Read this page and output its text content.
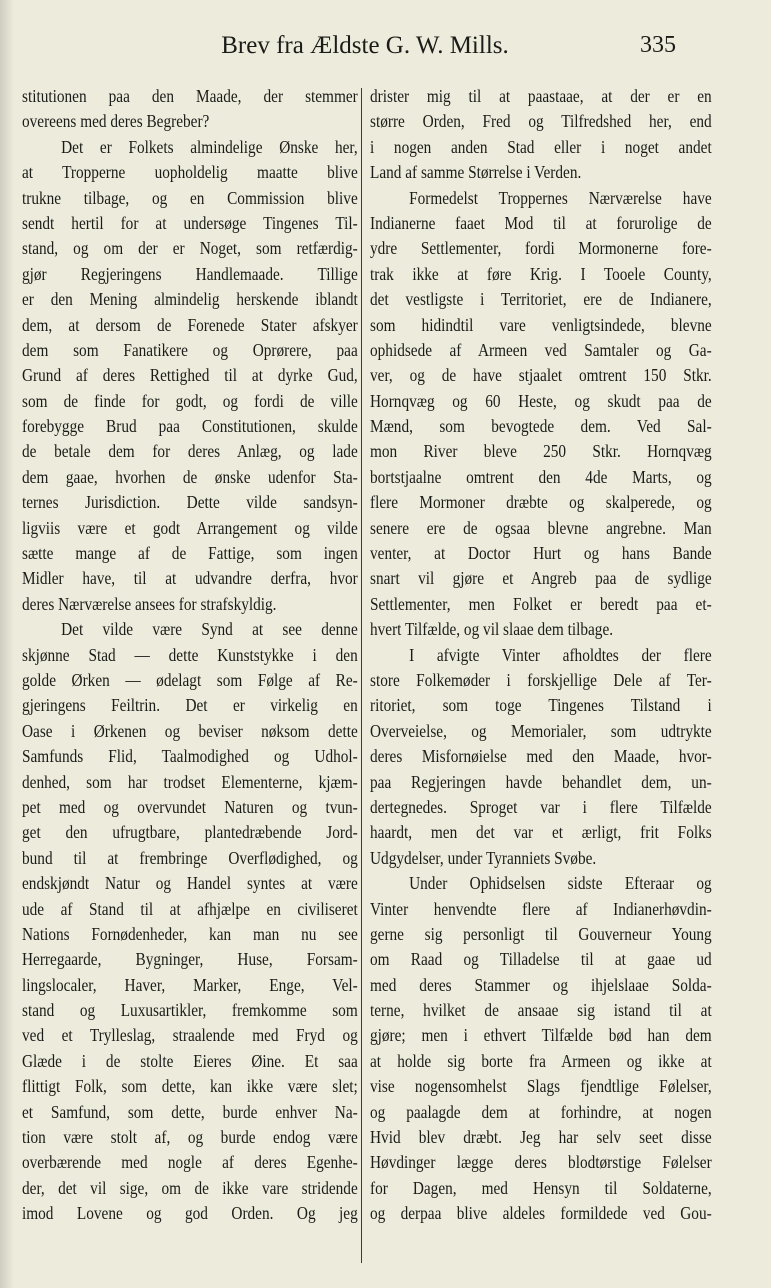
Brev fra Ældste G. W. Mills.	335
stitutionen paa den Maade, der stemmer
overeens med deres Begreber?
Det er Folkets almindelige Ønske her,
at Tropperne uopholdelig maatte blive
trukne tilbage, og en Commission blive
sendt hertil for at undersøge Tingenes Til-
stand, og om der er Noget, som retfærdig-
gjør Regjeringens Handlemaade. Tillige
er den Mening almindelig herskende iblandt
dem, at dersom de Forenede Stater afskyer
dem som Fanatikere og Oprørere, paa
Grund af deres Rettighed til at dyrke Gud,
som de finde for godt, og fordi de ville
forebygge Brud paa Constitutionen, skulde
de betale dem for deres Anlæg, og lade
dem gaae, hvorhen de ønske udenfor Sta-
ternes Jurisdiction. Dette vilde sandsyn-
ligviis være et godt Arrangement og vilde
sætte mange af de Fattige, som ingen
Midler have, til at udvandre derfra, hvor
deres Nærværelse ansees for strafskyldig.
Det vilde være Synd at see denne
skjønne Stad — dette Kunststykke i den
golde Ørken — ødelagt som Følge af Re-
gjeringens Feiltrin. Det er virkelig en
Oase i Ørkenen og beviser nøksom dette
Samfunds Flid, Taalmodighed og Udhol-
denhed, som har trodset Elementerne, kjæm-
pet med og overvundet Naturen og tvun-
get den ufrugtbare, plantedræbende Jord-
bund til at frembringe Overflødighed, og
endskjøndt Natur og Handel syntes at være
ude af Stand til at afhjælpe en civiliseret
Nations Fornødenheder, kan man nu see
Herregaarde, Bygninger, Huse, Forsam-
lingslocaler, Haver, Marker, Enge, Vel-
stand og Luxusartikler, fremkomme som
ved et Trylleslag, straalende med Fryd og
Glæde i de stolte Eieres Øine. Et saa
flittigt Folk, som dette, kan ikke være slet;
et Samfund, som dette, burde enhver Na-
tion være stolt af, og burde endog være
overbærende med nogle af deres Egenhe-
der, det vil sige, om de ikke vare stridende
imod Lovene og god Orden. Og jeg
drister mig til at paastaae, at der er en
større Orden, Fred og Tilfredshed her, end
i nogen anden Stad eller i noget andet
Land af samme Størrelse i Verden.
Formedelst Troppernes Nærværelse have
Indianerne faaet Mod til at forurolige de
ydre Settlementer, fordi Mormonerne fore-
trak ikke at føre Krig. I Tooele County,
det vestligste i Territoriet, ere de Indianere,
som hidindtil vare venligtsindede, blevne
ophidsede af Armeen ved Samtaler og Ga-
ver, og de have stjaalet omtrent 150 Stkr.
Hornqvæg og 60 Heste, og skudt paa de
Mænd, som bevogtede dem. Ved Sal-
mon River bleve 250 Stkr. Hornqvæg
bortstjaalne omtrent den 4de Marts, og
flere Mormoner dræbte og skalperede, og
senere ere de ogsaa blevne angrebne. Man
venter, at Doctor Hurt og hans Bande
snart vil gjøre et Angreb paa de sydlige
Settlementer, men Folket er beredt paa et-
hvert Tilfælde, og vil slaae dem tilbage.
I afvigte Vinter afholdtes der flere
store Folkemøder i forskjellige Dele af Ter-
ritoriet, som toge Tingenes Tilstand i
Overveielse, og Memorialer, som udtrykte
deres Misfornøielse med den Maade, hvor-
paa Regjeringen havde behandlet dem, un-
dertegnedes. Sproget var i flere Tilfælde
haardt, men det var et ærligt, frit Folks
Udgydelser, under Tyranniets Svøbe.
Under Ophidselsen sidste Efteraar og
Vinter henvendte flere af Indianerhøvdin-
gerne sig personligt til Gouverneur Young
om Raad og Tilladelse til at gaae ud
med deres Stammer og ihjelslaae Solda-
terne, hvilket de ansaae sig istand til at
gjøre; men i ethvert Tilfælde bød han dem
at holde sig borte fra Armeen og ikke at
vise nogensomhelst Slags fjendtlige Følelser,
og paalagde dem at forhindre, at nogen
Hvid blev dræbt. Jeg har selv seet disse
Høvdinger lægge deres blodtørstige Følelser
for Dagen, med Hensyn til Soldaterne,
og derpaa blive aldeles formildede ved Gou-
